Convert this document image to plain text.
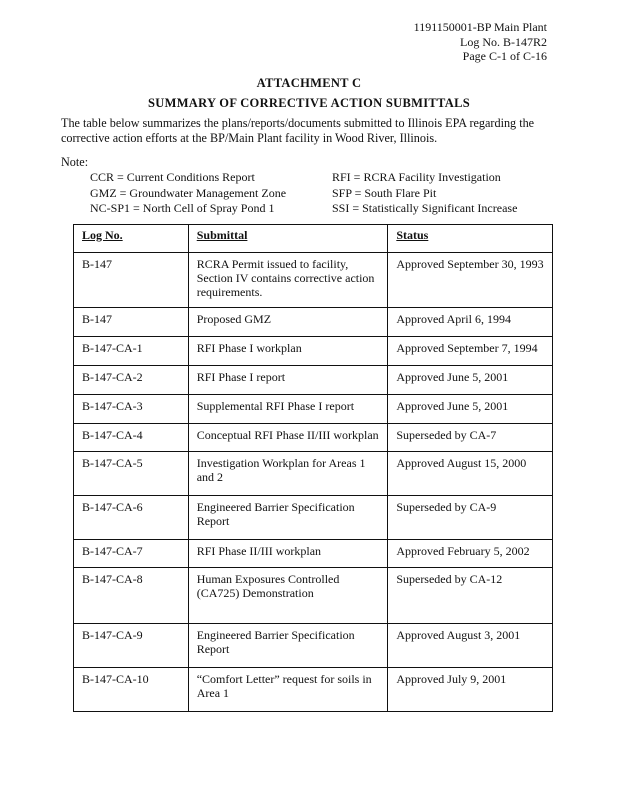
1191150001-BP Main Plant
Log No. B-147R2
Page C-1 of C-16
ATTACHMENT C
SUMMARY OF CORRECTIVE ACTION SUBMITTALS
The table below summarizes the plans/reports/documents submitted to Illinois EPA regarding the corrective action efforts at the BP/Main Plant facility in Wood River, Illinois.
Note:
CCR = Current Conditions Report
GMZ = Groundwater Management Zone
NC-SP1 = North Cell of Spray Pond 1
RFI = RCRA Facility Investigation
SFP = South Flare Pit
SSI = Statistically Significant Increase
Log No.	Submittal	Status
B-147	RCRA Permit issued to facility, Section IV contains corrective action requirements.	Approved September 30, 1993
B-147	Proposed GMZ	Approved April 6, 1994
B-147-CA-1	RFI Phase I workplan	Approved September 7, 1994
B-147-CA-2	RFI Phase I report	Approved June 5, 2001
B-147-CA-3	Supplemental RFI Phase I report	Approved June 5, 2001
B-147-CA-4	Conceptual RFI Phase II/III workplan	Superseded by CA-7
B-147-CA-5	Investigation Workplan for Areas 1 and 2	Approved August 15, 2000
B-147-CA-6	Engineered Barrier Specification Report	Superseded by CA-9
B-147-CA-7	RFI Phase II/III workplan	Approved February 5, 2002
B-147-CA-8	Human Exposures Controlled (CA725) Demonstration	Superseded by CA-12
B-147-CA-9	Engineered Barrier Specification Report	Approved August 3, 2001
B-147-CA-10	“Comfort Letter” request for soils in Area 1	Approved July 9, 2001
